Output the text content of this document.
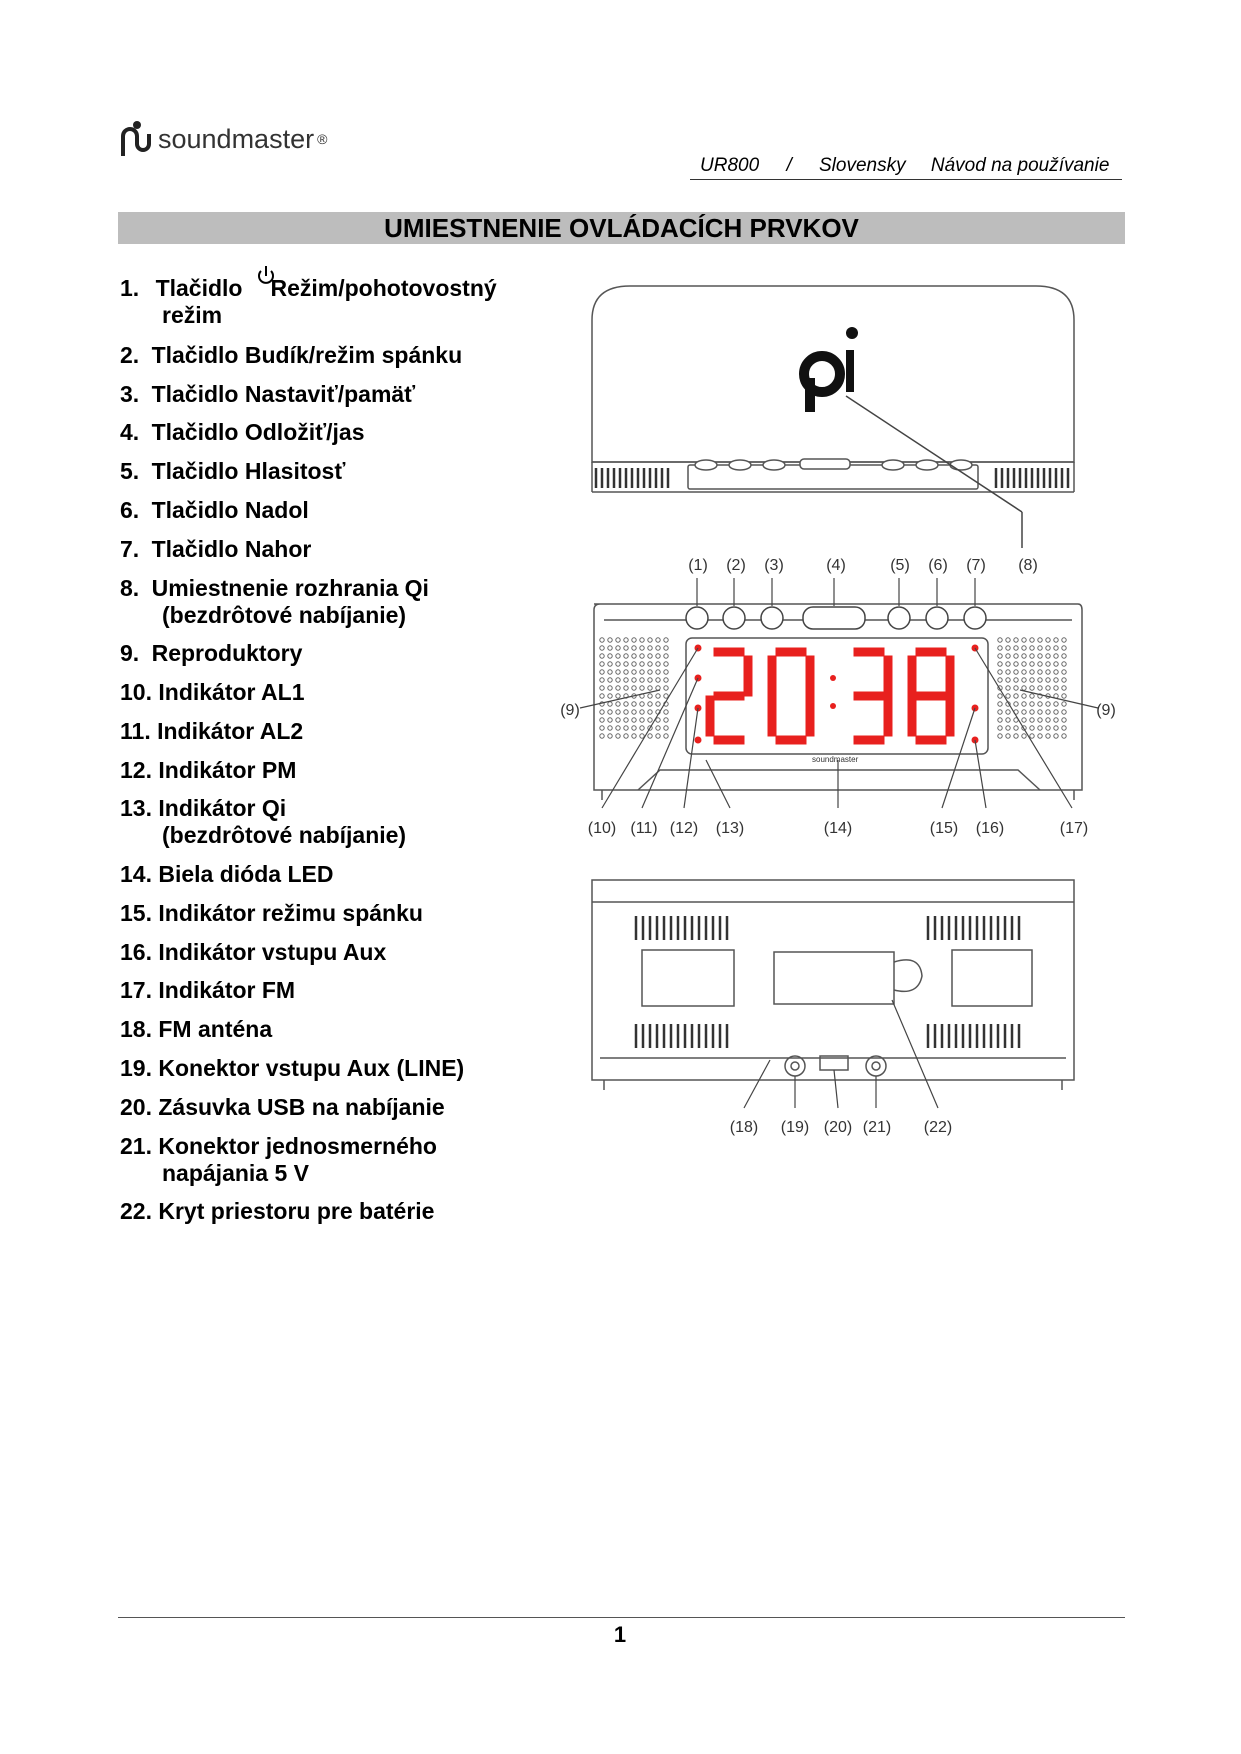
soundmaster ®
UR800 / Slovensky Návod na používanie
UMIESTNENIE OVLÁDACÍCH PRVKOV
1. Tlačidlo Režim/pohotovostný
režim
2. Tlačidlo Budík/režim spánku
3. Tlačidlo Nastaviť/pamäť
4. Tlačidlo Odložiť/jas
5. Tlačidlo Hlasitosť
6. Tlačidlo Nadol
7. Tlačidlo Nahor
8. Umiestnenie rozhrania Qi
(bezdrôtové nabíjanie)
9. Reproduktory
10. Indikátor AL1
11. Indikátor AL2
12. Indikátor PM
13. Indikátor Qi
(bezdrôtové nabíjanie)
14. Biela dióda LED
15. Indikátor režimu spánku
16. Indikátor vstupu Aux
17. Indikátor FM
18. FM anténa
19. Konektor vstupu Aux (LINE)
20. Zásuvka USB na nabíjanie
21. Konektor jednosmerného
napájania 5 V
22. Kryt priestoru pre batérie
soundmaster
(1) (2) (3)	(4)	(5) (6) (7) (8)
(9)	(9)
(10) (11) (12) (13)	(14)	(15) (16)	(17)
(18) (19) (20) (21) (22)
1
